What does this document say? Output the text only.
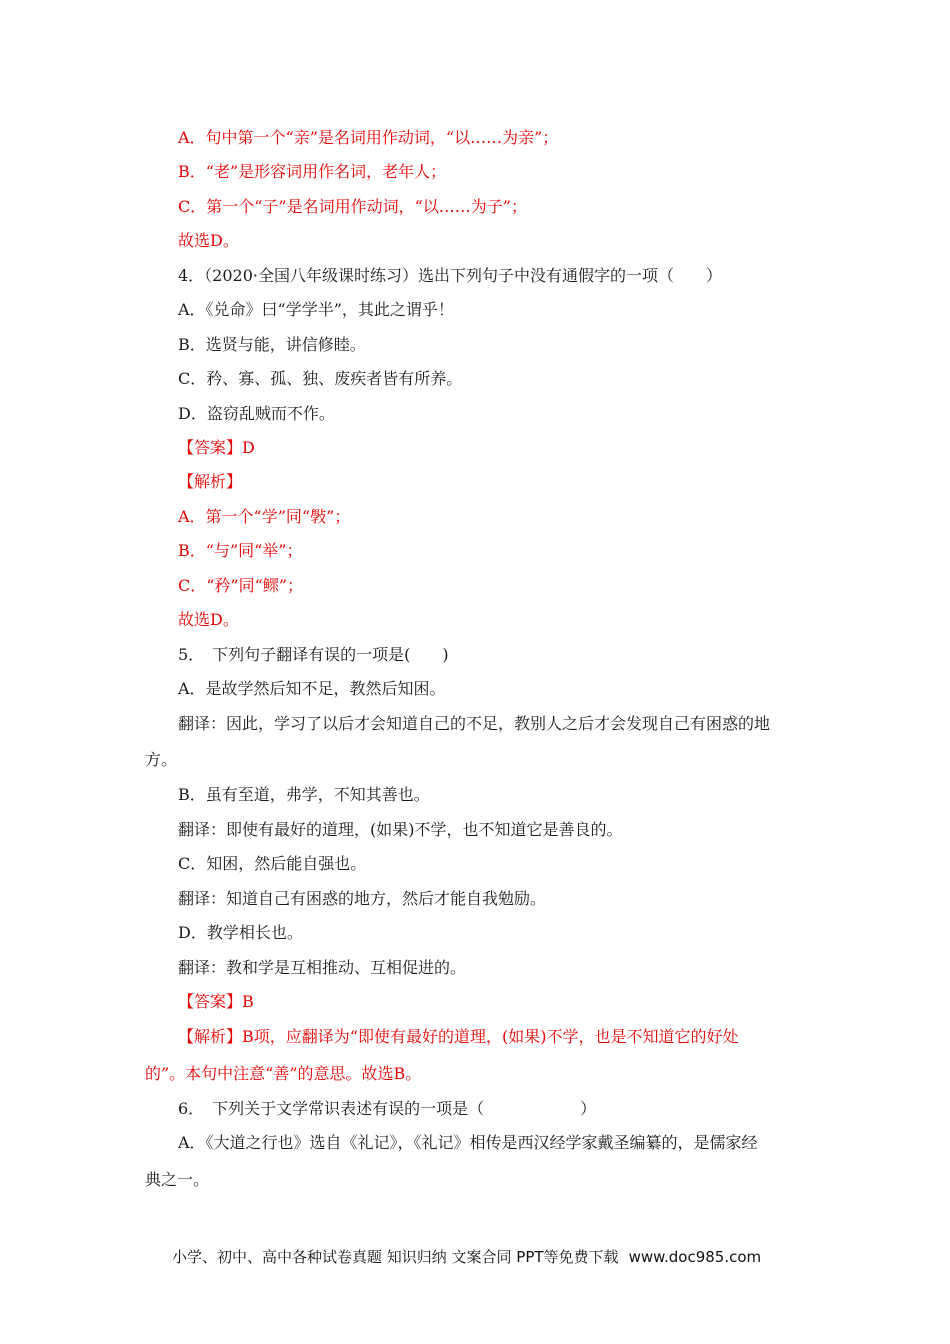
A．句中第一个“亲”是名词用作动词，“以……为亲”；
B．“老”是形容词用作名词，老年人；
C．第一个“子”是名词用作动词，“以……为子”；
故选D。
4．（2020·全国八年级课时练习）选出下列句子中没有通假字的一项（　　）
A．《兑命》曰“学学半”，其此之谓乎！
B．选贤与能，讲信修睦。
C．矜、寡、孤、独、废疾者皆有所养。
D．盗窃乱贼而不作。
【答案】D
【解析】
A．第一个“学”同“斅”；
B．“与”同“举”；
C．“矜”同“鳏”；
故选D。
5．　下列句子翻译有误的一项是(　　)
A．是故学然后知不足，教然后知困。
翻译：因此，学习了以后才会知道自己的不足，教别人之后才会发现自己有困惑的地
方。
B．虽有至道，弗学，不知其善也。
翻译：即使有最好的道理，(如果)不学，也不知道它是善良的。
C．知困，然后能自强也。
翻译：知道自己有困惑的地方，然后才能自我勉励。
D．教学相长也。
翻译：教和学是互相推动、互相促进的。
【答案】B
【解析】B项，应翻译为“即使有最好的道理，(如果)不学，也是不知道它的好处
的”。本句中注意“善”的意思。故选B。
6．　下列关于文学常识表述有误的一项是（　　　　　　）
A．《大道之行也》选自《礼记》，《礼记》相传是西汉经学家戴圣编纂的，是儒家经
典之一。
小学、初中、高中各种试卷真题 知识归纳 文案合同 PPT等免费下载 www.doc985.com
